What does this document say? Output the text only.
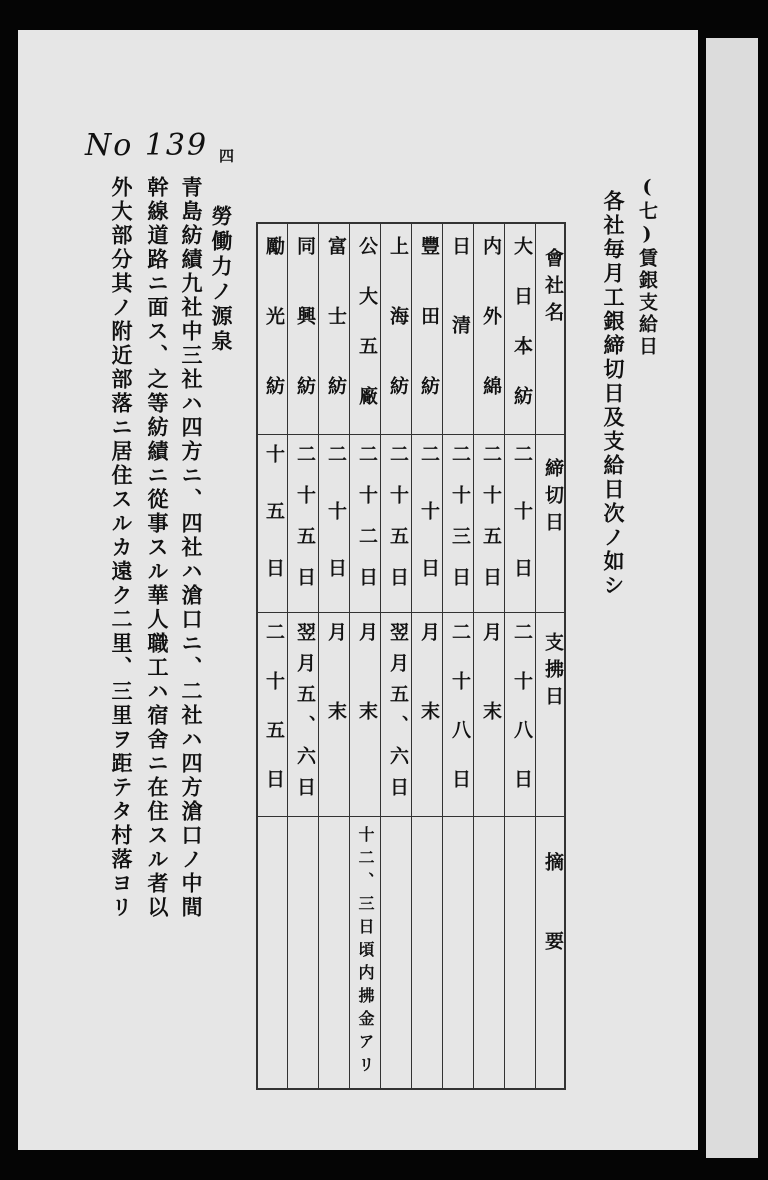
No 139 四
勞働力ノ源泉
青島紡績九社中三社ハ四方ニ、四社ハ滄口ニ、二社ハ四方滄口ノ中間
幹線道路ニ面ス、之等紡績ニ從事スル華人職工ハ宿舍ニ在住スル者以
外大部分其ノ附近部落ニ居住スルカ遠ク二里、三里ヲ距テタ村落ヨリ	(七)賃銀支給日
各社毎月工銀締切日及支給日次ノ如シ
會社名
締切日
支拂日
摘要
大日本紡
二十日
二十八日
内外綿
二十五日
月末
日清
二十三日
二十八日
豐田紡
二十日
月末
上海紡
二十五日
翌月五、六日
公大五廠
二十二日
月末
十二、三日頃内拂金アリ
富士紡
二十日
月末
同興紡
二十五日
翌月五、六日
勵光紡
十五日
二十五日
